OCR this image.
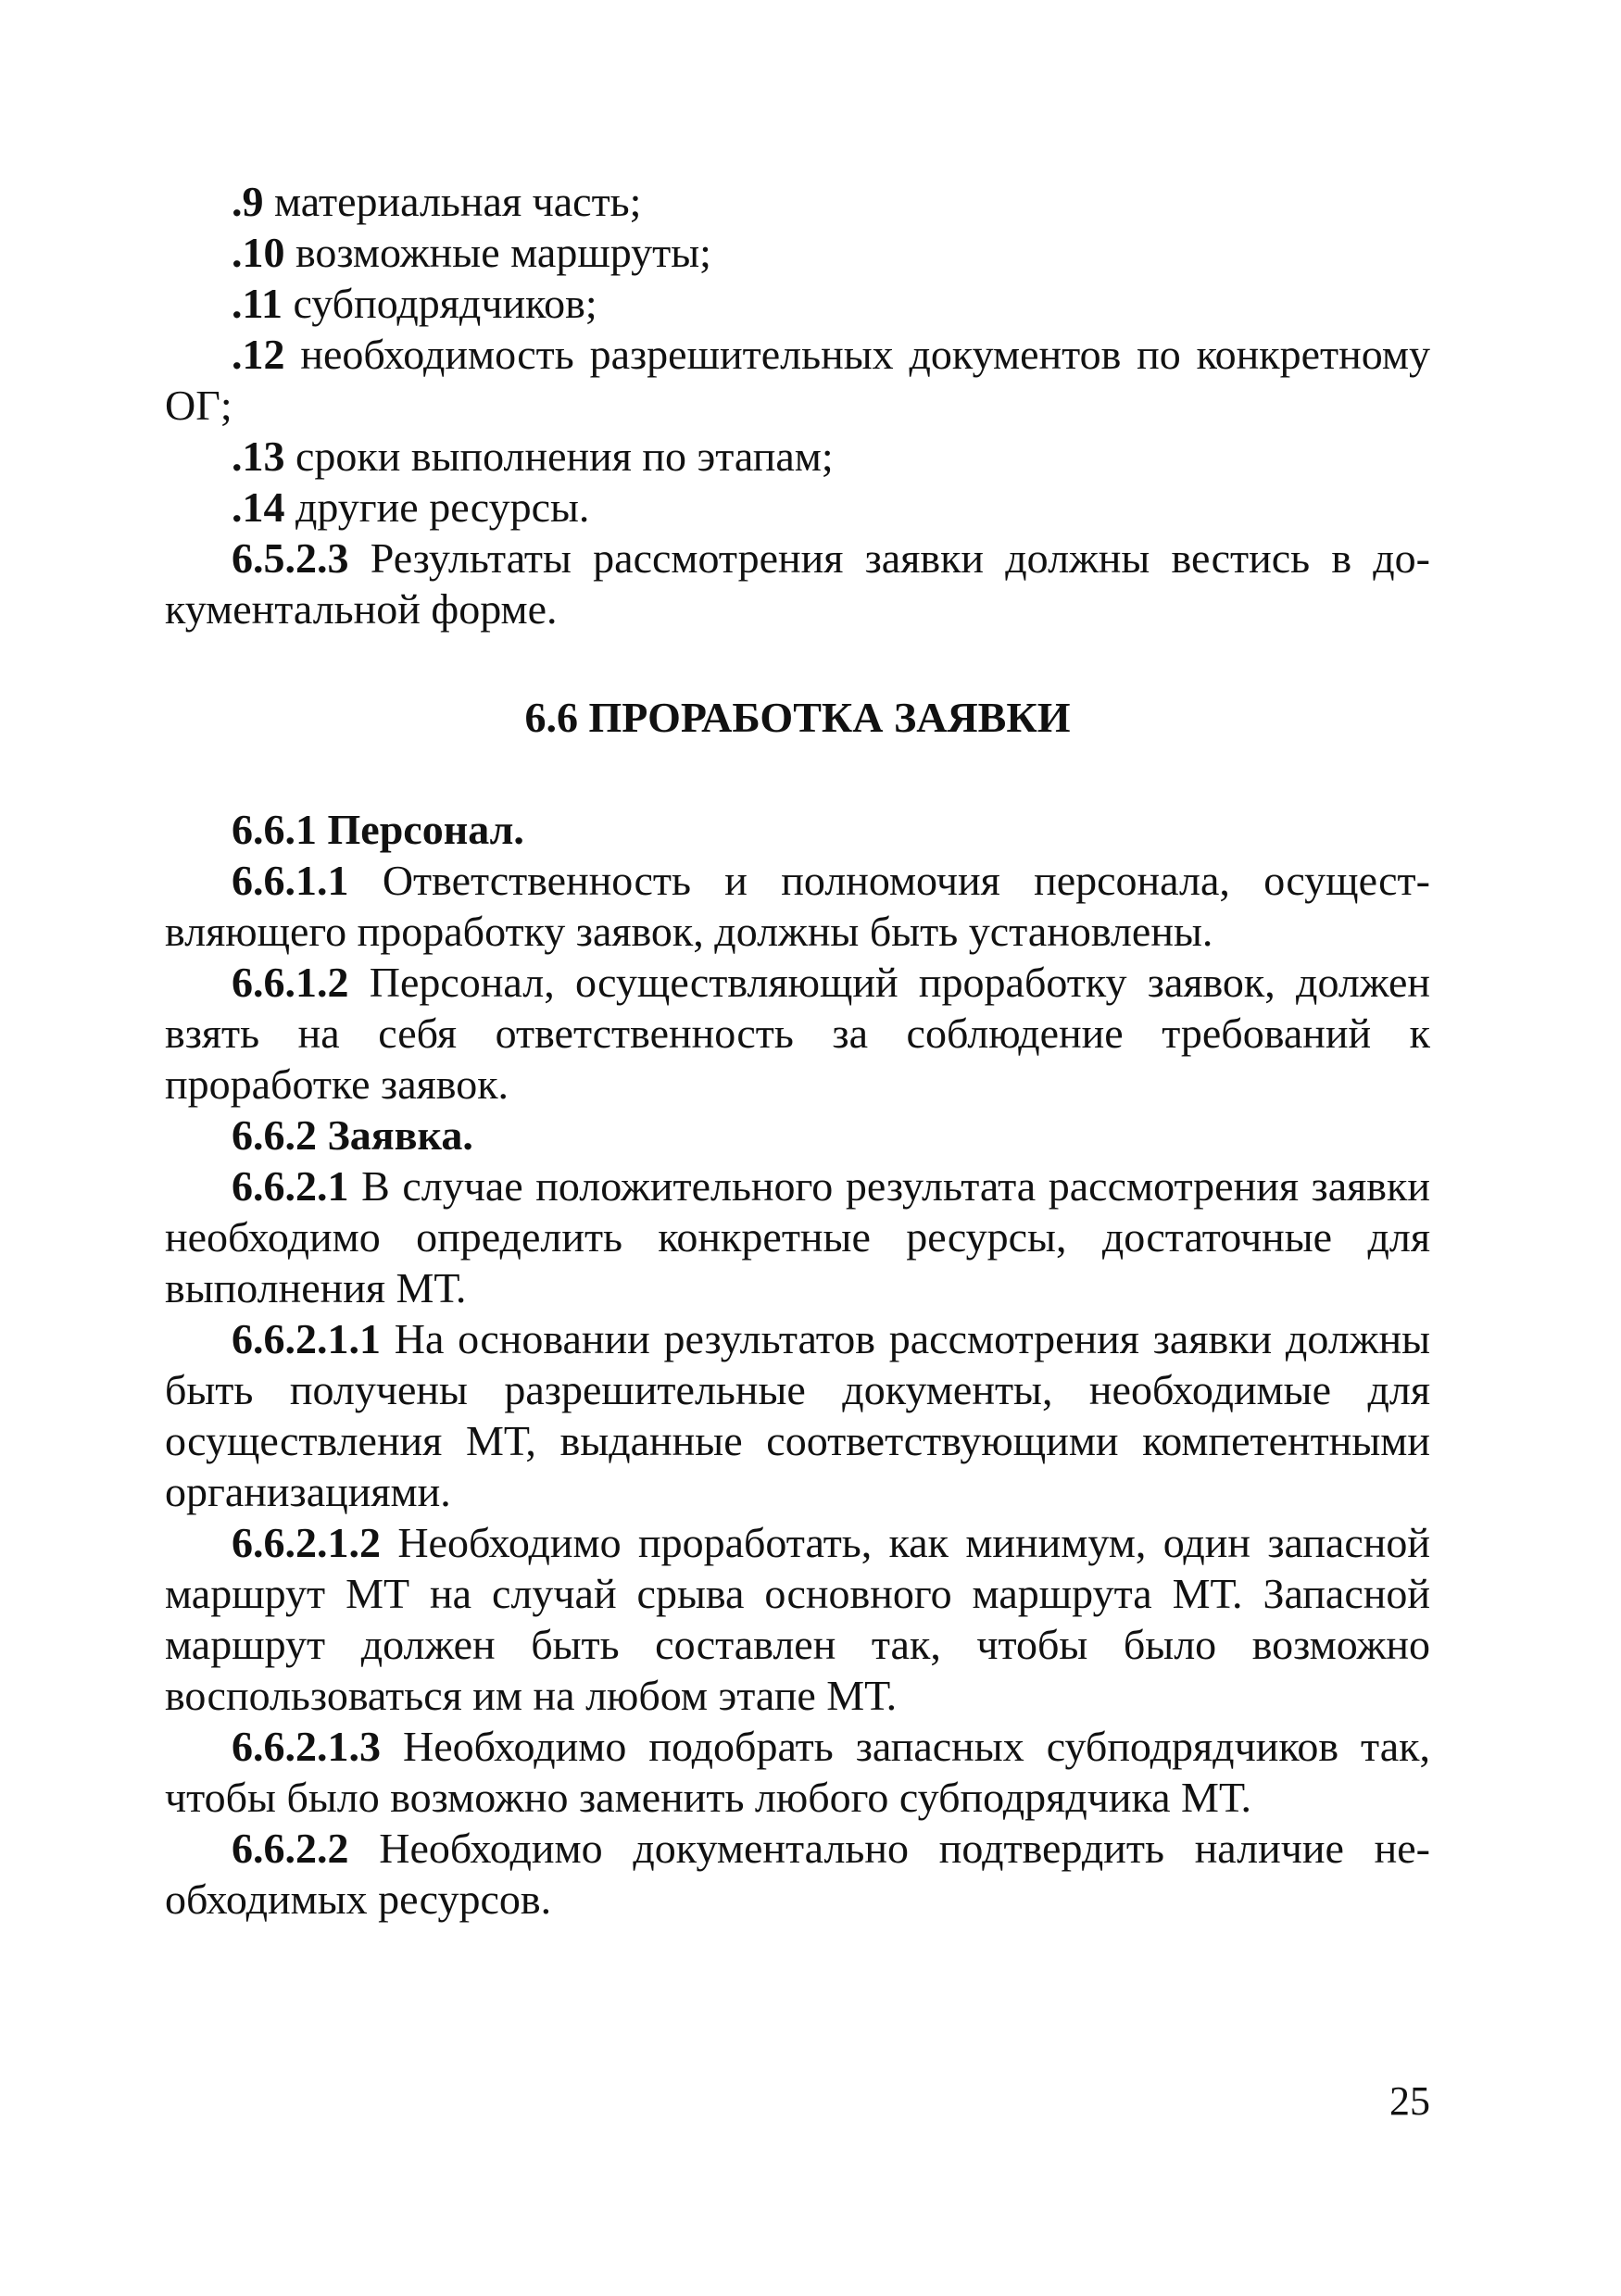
.9 материальная часть;

.10 возможные маршруты;

.11 субподрядчиков;

.12 необходимость разрешительных документов по конкретному ОГ;

.13 сроки выполнения по этапам;

.14 другие ресурсы.

6.5.2.3 Результаты рассмотрения заявки должны вестись в документальной форме.

6.6 ПРОРАБОТКА ЗАЯВКИ

6.6.1 Персонал.

6.6.1.1 Ответственность и полномочия персонала, осуществляющего проработку заявок, должны быть установлены.

6.6.1.2 Персонал, осуществляющий проработку заявок, должен взять на себя ответственность за соблюдение требований к проработке заявок.

6.6.2 Заявка.

6.6.2.1 В случае положительного результата рассмотрения заявки необходимо определить конкретные ресурсы, достаточные для выполнения МТ.

6.6.2.1.1 На основании результатов рассмотрения заявки должны быть получены разрешительные документы, необходимые для осуществления МТ, выданные соответствующими компетентными организациями.

6.6.2.1.2 Необходимо проработать, как минимум, один запасной маршрут МТ на случай срыва основного маршрута МТ. Запасной маршрут должен быть составлен так, чтобы было возможно воспользоваться им на любом этапе МТ.

6.6.2.1.3 Необходимо подобрать запасных субподрядчиков так, чтобы было возможно заменить любого субподрядчика МТ.

6.6.2.2 Необходимо документально подтвердить наличие необходимых ресурсов.

25
